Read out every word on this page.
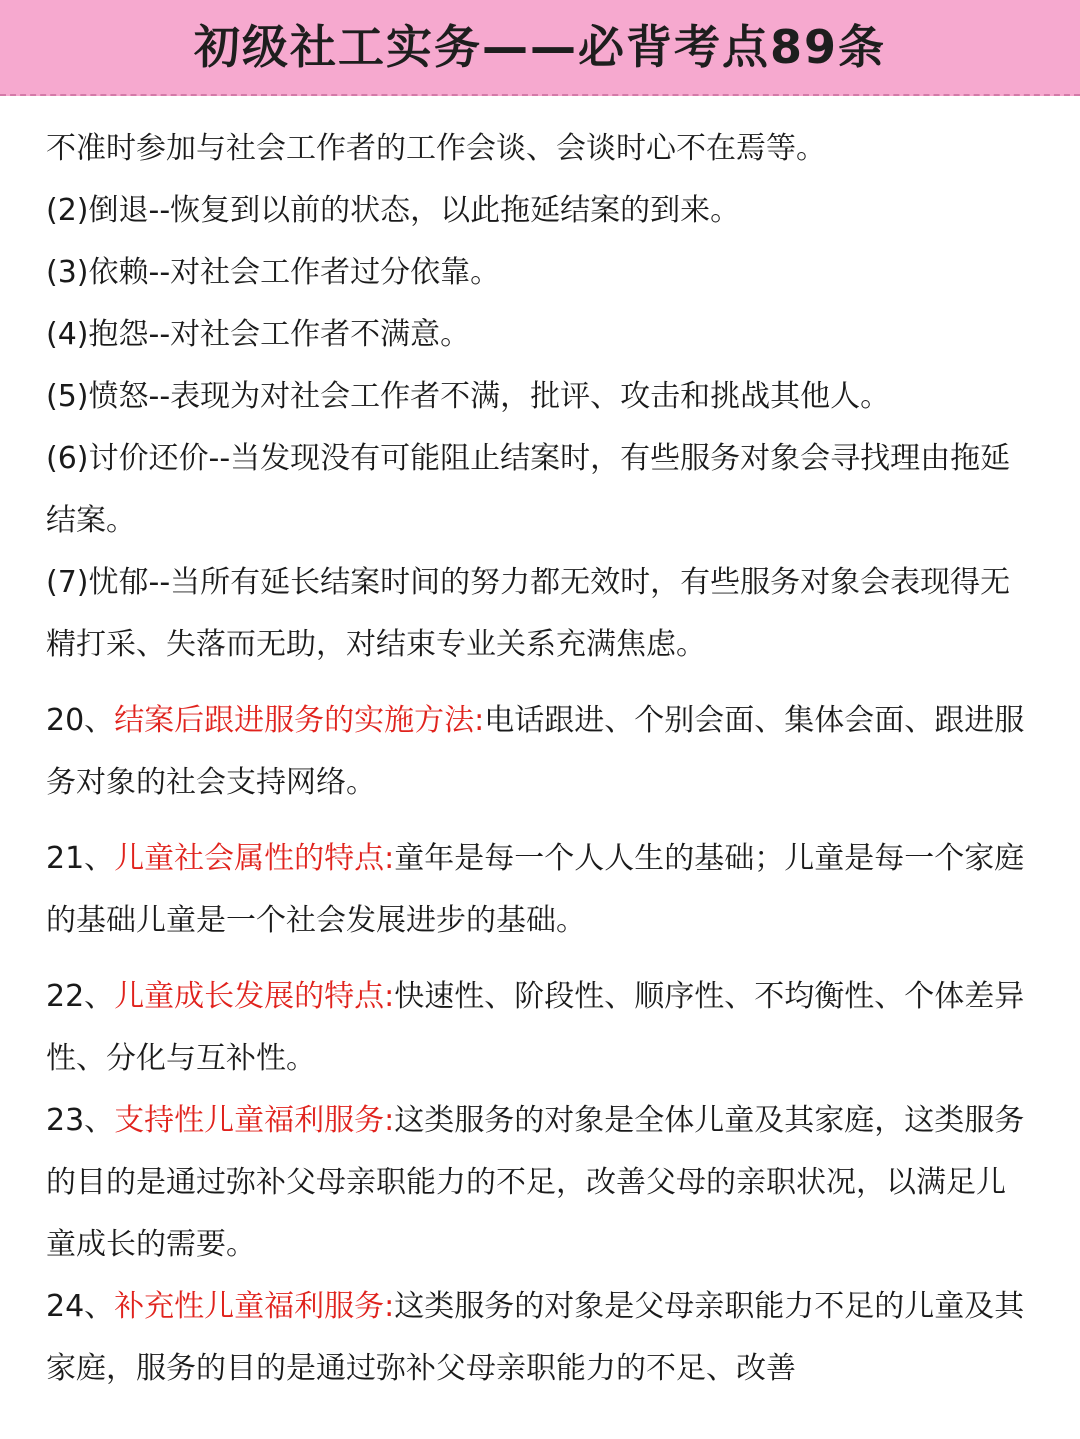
初级社工实务——必背考点89条

不准时参加与社会工作者的工作会谈、会谈时心不在焉等。

(2)倒退--恢复到以前的状态，以此拖延结案的到来。

(3)依赖--对社会工作者过分依靠。

(4)抱怨--对社会工作者不满意。

(5)愤怒--表现为对社会工作者不满，批评、攻击和挑战其他人。

(6)讨价还价--当发现没有可能阻止结案时，有些服务对象会寻找理由拖延结案。

(7)忧郁--当所有延长结案时间的努力都无效时，有些服务对象会表现得无精打采、失落而无助，对结束专业关系充满焦虑。

20、结案后跟进服务的实施方法:电话跟进、个别会面、集体会面、跟进服务对象的社会支持网络。

21、儿童社会属性的特点:童年是每一个人人生的基础；儿童是每一个家庭的基础儿童是一个社会发展进步的基础。

22、儿童成长发展的特点:快速性、阶段性、顺序性、不均衡性、个体差异性、分化与互补性。

23、支持性儿童福利服务:这类服务的对象是全体儿童及其家庭，这类服务的目的是通过弥补父母亲职能力的不足，改善父母的亲职状况，以满足儿童成长的需要。

24、补充性儿童福利服务:这类服务的对象是父母亲职能力不足的儿童及其家庭，服务的目的是通过弥补父母亲职能力的不足、改善
